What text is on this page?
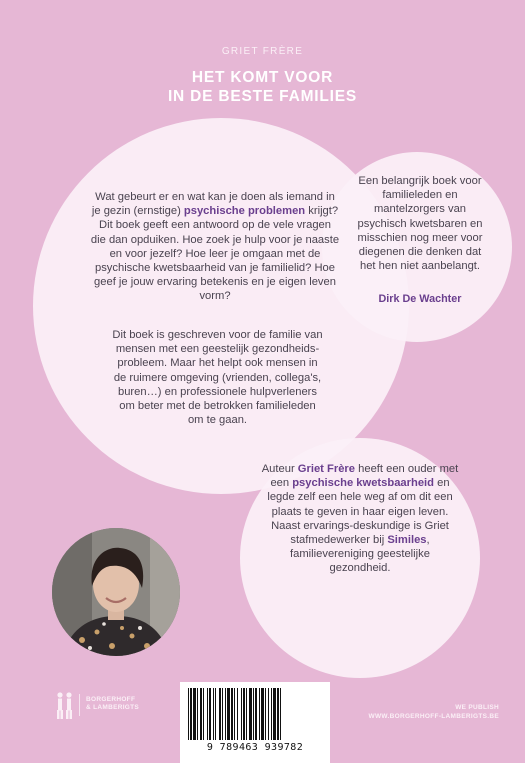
GRIET FRÈRE
HET KOMT VOOR
IN DE BESTE FAMILIES
Wat gebeurt er en wat kan je doen als iemand in je gezin (ernstige) psychische problemen krijgt? Dit boek geeft een antwoord op de vele vragen die dan opduiken. Hoe zoek je hulp voor je naaste en voor jezelf? Hoe leer je omgaan met de psychische kwetsbaarheid van je familielid? Hoe geef je jouw ervaring betekenis en je eigen leven vorm?
Dit boek is geschreven voor de familie van mensen met een geestelijk gezondheids-probleem. Maar het helpt ook mensen in de ruimere omgeving (vrienden, collega's, buren…) en professionele hulpverleners om beter met de betrokken familieleden om te gaan.
Een belangrijk boek voor familieleden en mantelzorgers van psychisch kwetsbaren en misschien nog meer voor diegenen die denken dat het hen niet aanbelangt.
Dirk De Wachter
Auteur Griet Frère heeft een ouder met een psychische kwetsbaarheid en legde zelf een hele weg af om dit een plaats te geven in haar eigen leven. Naast ervarings-deskundige is Griet stafmedewerker bij Similes, familievereniging geestelijke gezondheid.
BORGERHOFF
& LAMBERIGTS
9 789463 939782
WE PUBLISH
WWW.BORGERHOFF-LAMBERIGTS.BE
